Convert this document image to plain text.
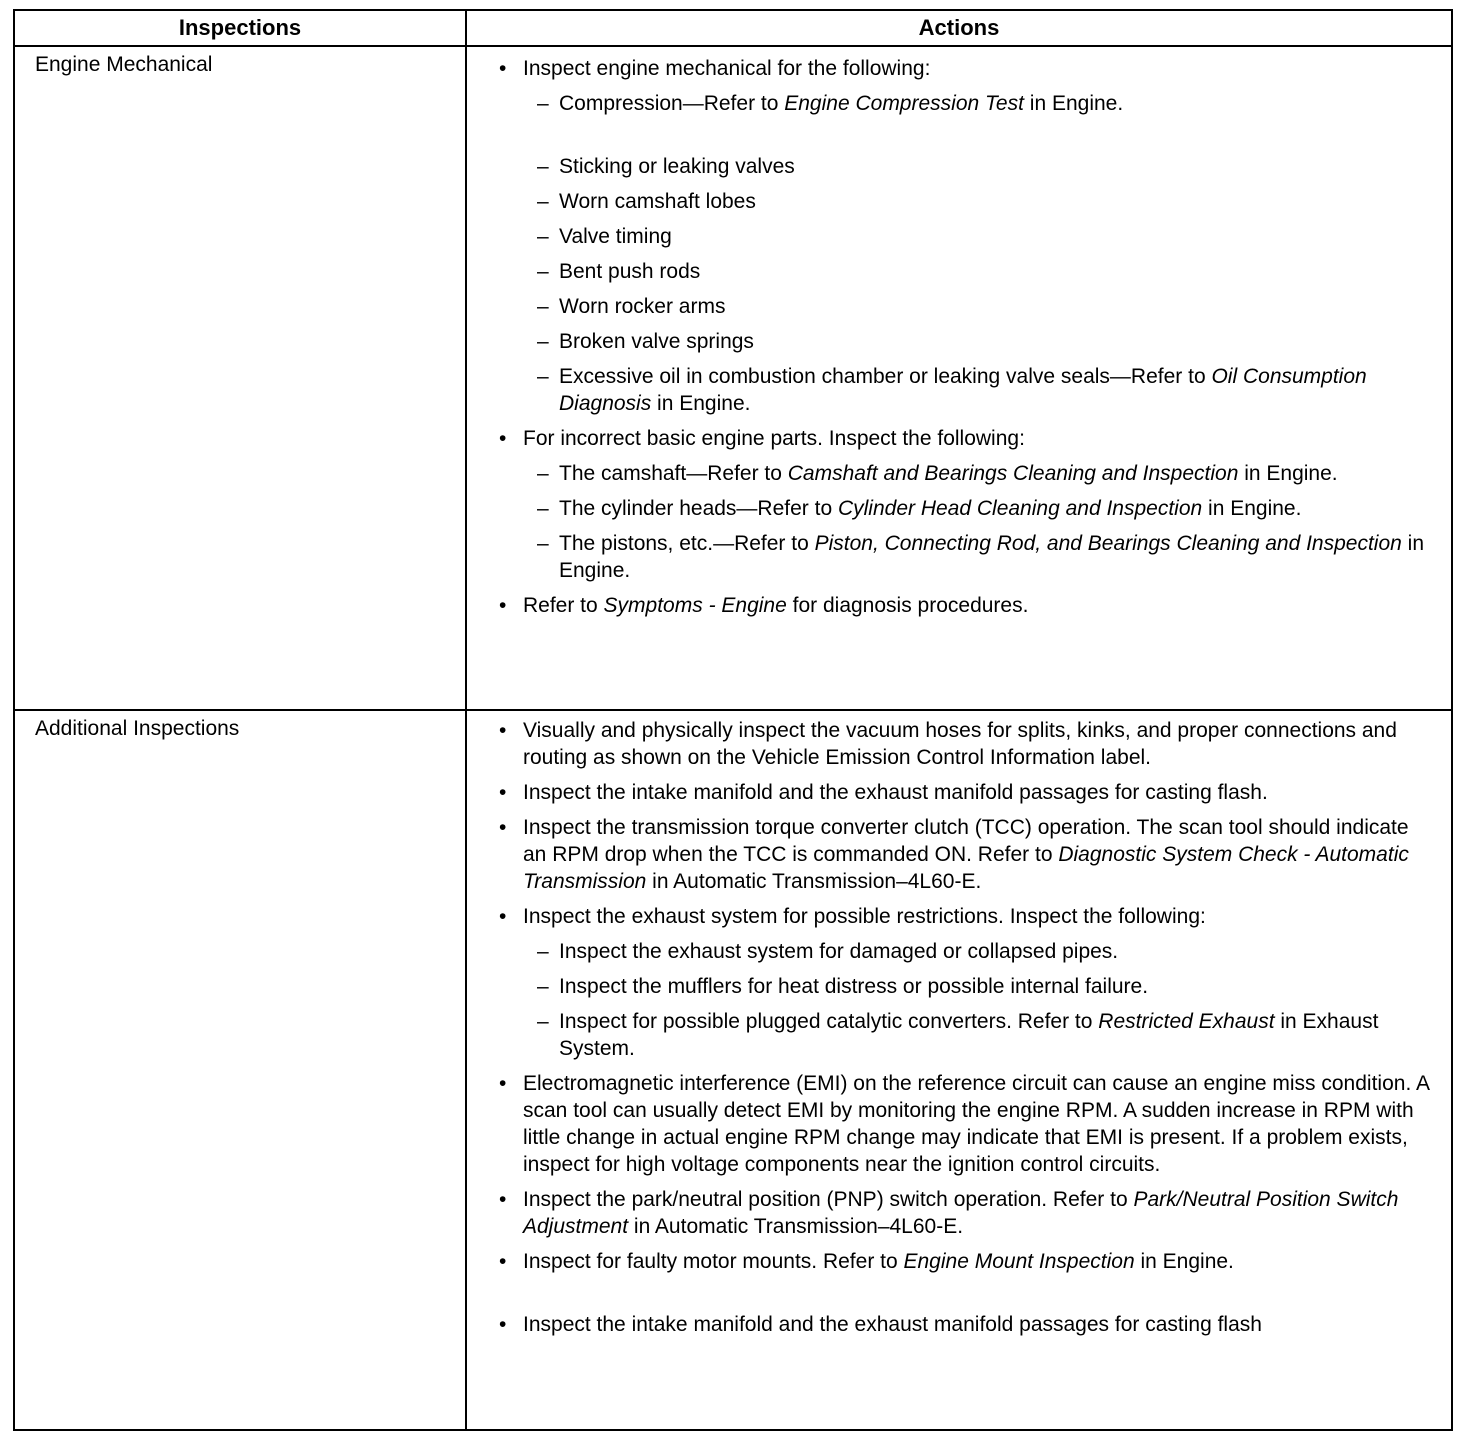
Inspections	Actions
Engine Mechanical	• Inspect engine mechanical for the following:
– Compression—Refer to Engine Compression Test in Engine.
– Sticking or leaking valves
– Worn camshaft lobes
– Valve timing
– Bent push rods
– Worn rocker arms
– Broken valve springs
– Excessive oil in combustion chamber or leaking valve seals—Refer to Oil Consumption Diagnosis in Engine.
• For incorrect basic engine parts. Inspect the following:
– The camshaft—Refer to Camshaft and Bearings Cleaning and Inspection in Engine.
– The cylinder heads—Refer to Cylinder Head Cleaning and Inspection in Engine.
– The pistons, etc.—Refer to Piston, Connecting Rod, and Bearings Cleaning and Inspection in Engine.
• Refer to Symptoms - Engine for diagnosis procedures.
Additional Inspections	• Visually and physically inspect the vacuum hoses for splits, kinks, and proper connections and routing as shown on the Vehicle Emission Control Information label.
• Inspect the intake manifold and the exhaust manifold passages for casting flash.
• Inspect the transmission torque converter clutch (TCC) operation. The scan tool should indicate an RPM drop when the TCC is commanded ON. Refer to Diagnostic System Check - Automatic Transmission in Automatic Transmission–4L60-E.
• Inspect the exhaust system for possible restrictions. Inspect the following:
– Inspect the exhaust system for damaged or collapsed pipes.
– Inspect the mufflers for heat distress or possible internal failure.
– Inspect for possible plugged catalytic converters. Refer to Restricted Exhaust in Exhaust System.
• Electromagnetic interference (EMI) on the reference circuit can cause an engine miss condition. A scan tool can usually detect EMI by monitoring the engine RPM. A sudden increase in RPM with little change in actual engine RPM change may indicate that EMI is present. If a problem exists, inspect for high voltage components near the ignition control circuits.
• Inspect the park/neutral position (PNP) switch operation. Refer to Park/Neutral Position Switch Adjustment in Automatic Transmission–4L60-E.
• Inspect for faulty motor mounts. Refer to Engine Mount Inspection in Engine.
• Inspect the intake manifold and the exhaust manifold passages for casting flash
